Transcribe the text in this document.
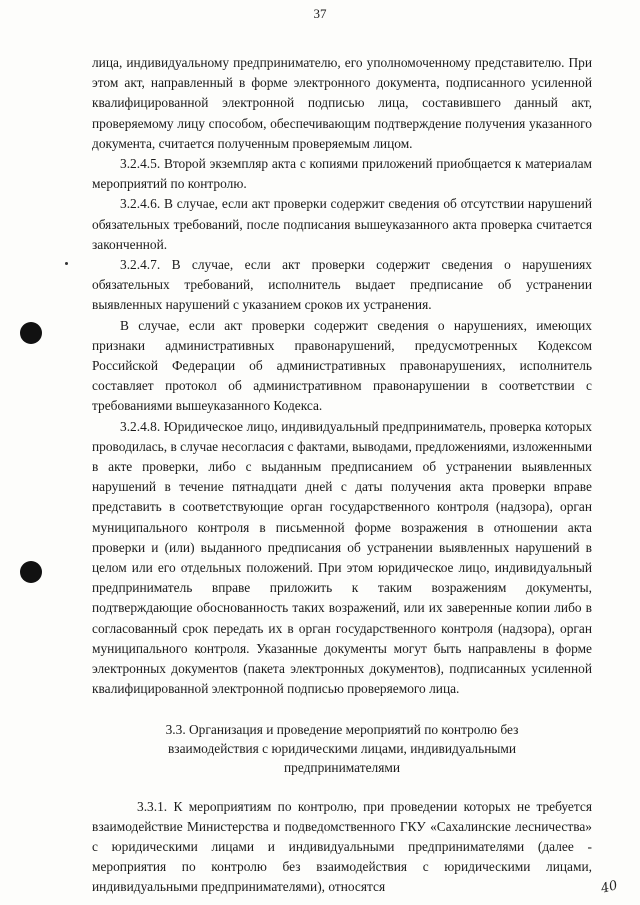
37

лица, индивидуальному предпринимателю, его уполномоченному представителю. При этом акт, направленный в форме электронного документа, подписанного усиленной квалифицированной электронной подписью лица, составившего данный акт, проверяемому лицу способом, обеспечивающим подтверждение получения указанного документа, считается полученным проверяемым лицом.

3.2.4.5. Второй экземпляр акта с копиями приложений приобщается к материалам мероприятий по контролю.

3.2.4.6. В случае, если акт проверки содержит сведения об отсутствии нарушений обязательных требований, после подписания вышеуказанного акта проверка считается законченной.

3.2.4.7. В случае, если акт проверки содержит сведения о нарушениях обязательных требований, исполнитель выдает предписание об устранении выявленных нарушений с указанием сроков их устранения.

В случае, если акт проверки содержит сведения о нарушениях, имеющих признаки административных правонарушений, предусмотренных Кодексом Российской Федерации об административных правонарушениях, исполнитель составляет протокол об административном правонарушении в соответствии с требованиями вышеуказанного Кодекса.

3.2.4.8. Юридическое лицо, индивидуальный предприниматель, проверка которых проводилась, в случае несогласия с фактами, выводами, предложениями, изложенными в акте проверки, либо с выданным предписанием об устранении выявленных нарушений в течение пятнадцати дней с даты получения акта проверки вправе представить в соответствующие орган государственного контроля (надзора), орган муниципального контроля в письменной форме возражения в отношении акта проверки и (или) выданного предписания об устранении выявленных нарушений в целом или его отдельных положений. При этом юридическое лицо, индивидуальный предприниматель вправе приложить к таким возражениям документы, подтверждающие обоснованность таких возражений, или их заверенные копии либо в согласованный срок передать их в орган государственного контроля (надзора), орган муниципального контроля. Указанные документы могут быть направлены в форме электронных документов (пакета электронных документов), подписанных усиленной квалифицированной электронной подписью проверяемого лица.

3.3. Организация и проведение мероприятий по контролю без взаимодействия с юридическими лицами, индивидуальными предпринимателями

3.3.1. К мероприятиям по контролю, при проведении которых не требуется взаимодействие Министерства и подведомственного ГКУ «Сахалинские лесничества» с юридическими лицами и индивидуальными предпринимателями (далее - мероприятия по контролю без взаимодействия с юридическими лицами, индивидуальными предпринимателями), относятся	40
